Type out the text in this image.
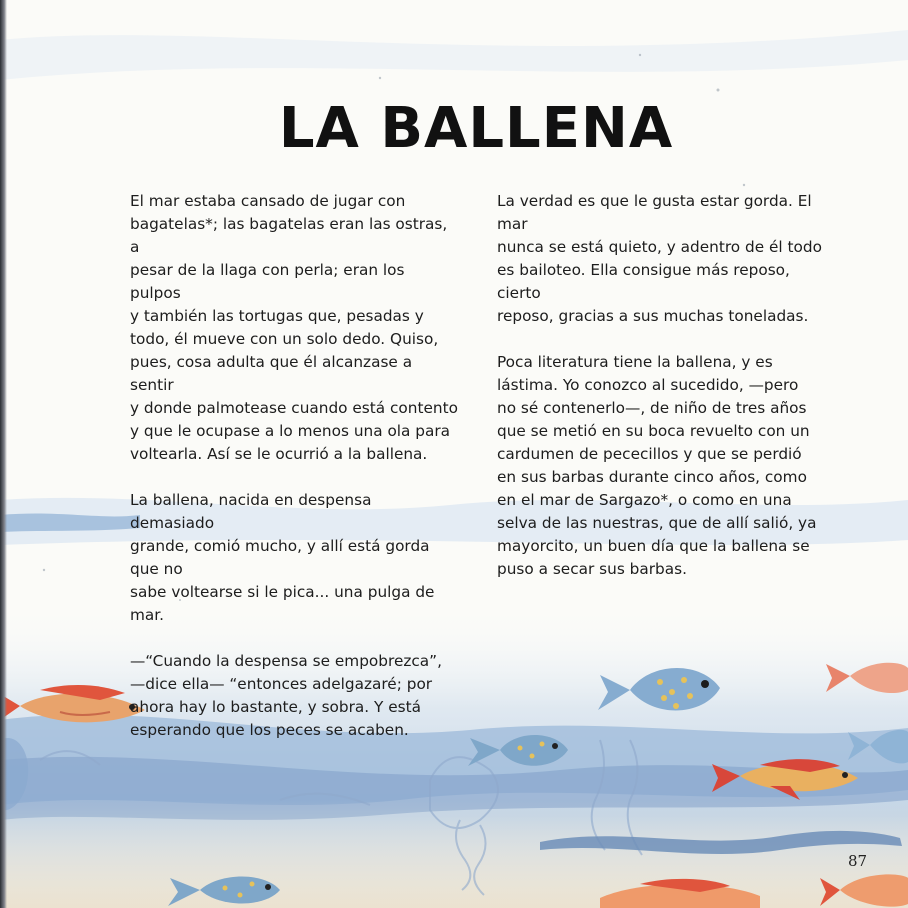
LA BALLENA

El mar estaba cansado de jugar con
bagatelas*; las bagatelas eran las ostras, a
pesar de la llaga con perla; eran los pulpos
y también las tortugas que, pesadas y
todo, él mueve con un solo dedo. Quiso,
pues, cosa adulta que él alcanzase a sentir
y donde palmotease cuando está contento
y que le ocupase a lo menos una ola para
voltearla. Así se le ocurrió a la ballena.

La ballena, nacida en despensa demasiado
grande, comió mucho, y allí está gorda que no
sabe voltearse si le pica... una pulga de mar.

—“Cuando la despensa se empobrezca”,
—dice ella— “entonces adelgazaré; por
ahora hay lo bastante, y sobra. Y está
esperando que los peces se acaben.

La verdad es que le gusta estar gorda. El mar
nunca se está quieto, y adentro de él todo
es bailoteo. Ella consigue más reposo, cierto
reposo, gracias a sus muchas toneladas.

Poca literatura tiene la ballena, y es
lástima. Yo conozco al sucedido, —pero
no sé contenerlo—, de niño de tres años
que se metió en su boca revuelto con un
cardumen de pececillos y que se perdió
en sus barbas durante cinco años, como
en el mar de Sargazo*, o como en una
selva de las nuestras, que de allí salió, ya
mayorcito, un buen día que la ballena se
puso a secar sus barbas.

87
